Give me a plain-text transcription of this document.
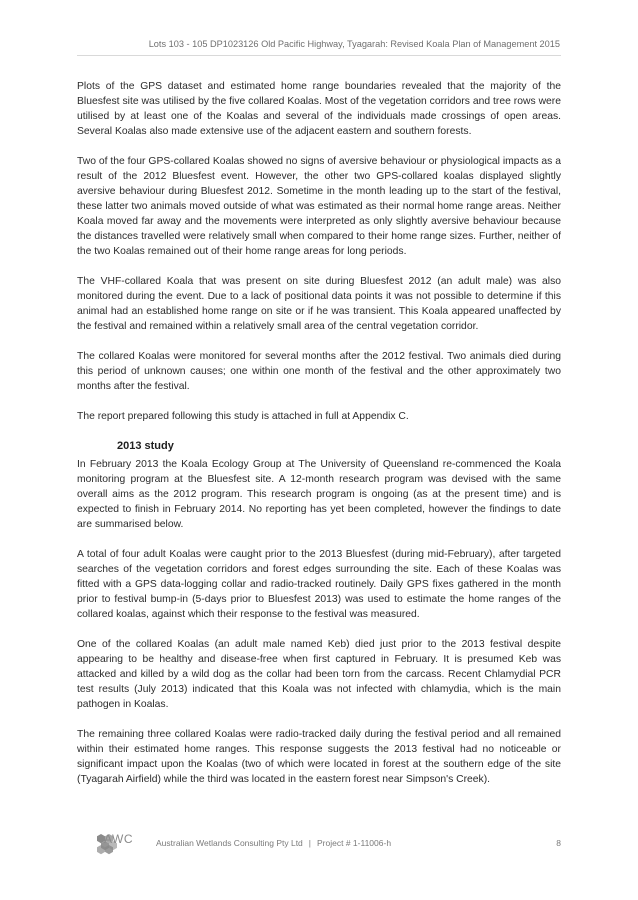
Lots 103 - 105 DP1023126 Old Pacific Highway, Tyagarah: Revised Koala Plan of Management 2015

Plots of the GPS dataset and estimated home range boundaries revealed that the majority of the Bluesfest site was utilised by the five collared Koalas. Most of the vegetation corridors and tree rows were utilised by at least one of the Koalas and several of the individuals made crossings of open areas. Several Koalas also made extensive use of the adjacent eastern and southern forests.

Two of the four GPS-collared Koalas showed no signs of aversive behaviour or physiological impacts as a result of the 2012 Bluesfest event. However, the other two GPS-collared koalas displayed slightly aversive behaviour during Bluesfest 2012. Sometime in the month leading up to the start of the festival, these latter two animals moved outside of what was estimated as their normal home range areas. Neither Koala moved far away and the movements were interpreted as only slightly aversive behaviour because the distances travelled were relatively small when compared to their home range sizes. Further, neither of the two Koalas remained out of their home range areas for long periods.

The VHF-collared Koala that was present on site during Bluesfest 2012 (an adult male) was also monitored during the event. Due to a lack of positional data points it was not possible to determine if this animal had an established home range on site or if he was transient. This Koala appeared unaffected by the festival and remained within a relatively small area of the central vegetation corridor.

The collared Koalas were monitored for several months after the 2012 festival. Two animals died during this period of unknown causes; one within one month of the festival and the other approximately two months after the festival.

The report prepared following this study is attached in full at Appendix C.

2013 study

In February 2013 the Koala Ecology Group at The University of Queensland re-commenced the Koala monitoring program at the Bluesfest site. A 12-month research program was devised with the same overall aims as the 2012 program. This research program is ongoing (as at the present time) and is expected to finish in February 2014. No reporting has yet been completed, however the findings to date are summarised below.

A total of four adult Koalas were caught prior to the 2013 Bluesfest (during mid-February), after targeted searches of the vegetation corridors and forest edges surrounding the site. Each of these Koalas was fitted with a GPS data-logging collar and radio-tracked routinely. Daily GPS fixes gathered in the month prior to festival bump-in (5-days prior to Bluesfest 2013) was used to estimate the home ranges of the collared koalas, against which their response to the festival was measured.

One of the collared Koalas (an adult male named Keb) died just prior to the 2013 festival despite appearing to be healthy and disease-free when first captured in February. It is presumed Keb was attacked and killed by a wild dog as the collar had been torn from the carcass. Recent Chlamydial PCR test results (July 2013) indicated that this Koala was not infected with chlamydia, which is the main pathogen in Koalas.

The remaining three collared Koalas were radio-tracked daily during the festival period and all remained within their estimated home ranges. This response suggests the 2013 festival had no noticeable or significant impact upon the Koalas (two of which were located in forest at the southern edge of the site (Tyagarah Airfield) while the third was located in the eastern forest near Simpson's Creek).

AWC	Australian Wetlands Consulting Pty Ltd | Project # 1-11006-h	8
